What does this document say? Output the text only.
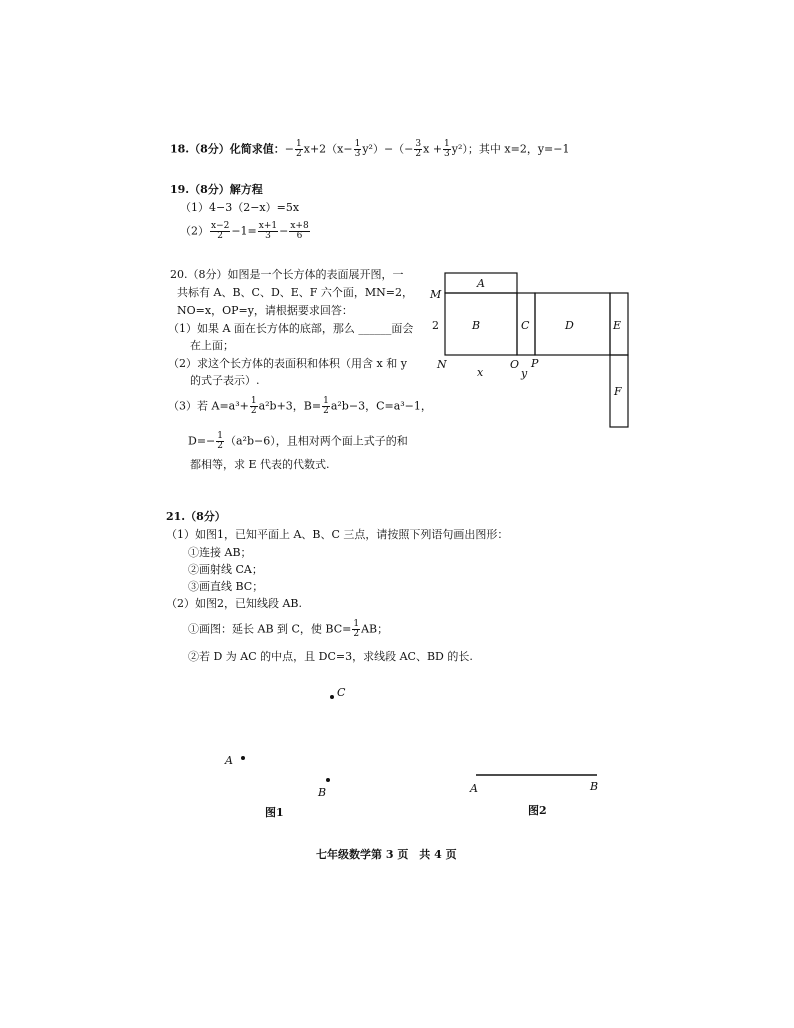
18.（8分）化简求值：− $\frac{1}{2} x+2(x- \frac{1}{3} y^2)-(- \frac{3}{2}$ $x + \frac{1}{3} y^2$）；其中 x=2，y=−1
19.（8分）解方程
（1）4−3（2−x）=5x
$(2) \frac{x-2}{2} -1= \frac{x+1}{3} - \frac{x+8}{6}$
20.（8分）如图是一个长方体的表面展开图，一
共标有 A、B、C、D、E、F 六个面，MN=2，
NO=x，OP=y，请根据要求回答：
（1）如果 A 面在长方体的底部，那么 ______面会
在上面；
（2）求这个长方体的表面积和体积（用含 x 和 y
的式子表示）.
（3）若 $A=a^3+ \frac{1}{2} a^2b+3$，$B= \frac{1}{2} a^2b-3$，C=a³−1，
$D=- \frac{1}{2} (a^2b-6)$，且相对两个面上式子的和
都相等，求 E 代表的代数式.
A
B	C	D	E
F
M
2
N	O P
x	y
21.（8分）
（1）如图1，已知平面上 A、B、C 三点，请按照下列语句画出图形：
①连接 AB；
②画射线 CA；
③画直线 BC；
（2）如图2，已知线段 AB.
①画图：延长 AB 到 C，使 $BC= \frac{1}{2}$ AB；
②若 D 为 AC 的中点，且 DC=3，求线段 AC、BD 的长.
C
A
B
图1
A	B
图2
七年级数学第 3 页　共 4 页
